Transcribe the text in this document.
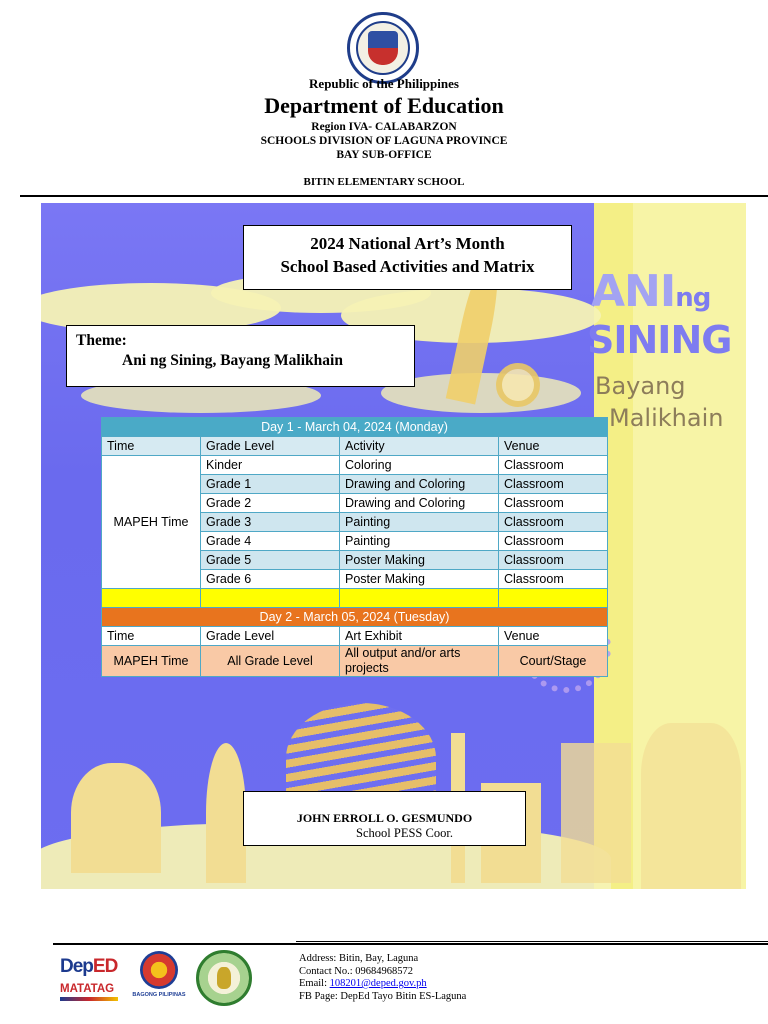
Republic of the Philippines
Department of Education
Region IVA- CALABARZON
SCHOOLS DIVISION OF LAGUNA PROVINCE
BAY SUB-OFFICE
BITIN ELEMENTARY SCHOOL
ANIng
SINING
Bayang
Malikhain
2024 National Art’s Month
School Based Activities and Matrix
Theme:
Ani ng Sining, Bayang Malikhain
Day 1 - March 04, 2024 (Monday)			
Time	Grade Level	Activity	Venue
MAPEH Time	Kinder	Coloring	Classroom
	Grade 1	Drawing and Coloring	Classroom
	Grade 2	Drawing and Coloring	Classroom
	Grade 3	Painting	Classroom
	Grade 4	Painting	Classroom
	Grade 5	Poster Making	Classroom
	Grade 6	Poster Making	Classroom

Day 2 - March 05, 2024 (Tuesday)			
Time	Grade Level	Art Exhibit	Venue
MAPEH Time	All Grade Level	All output and/or arts projects	Court/Stage
JOHN ERROLL O. GESMUNDO
School PESS Coor.
DepED
MATATAG	BAGONG PILIPINAS
Address: Bitin, Bay, Laguna
Contact No.: 09684968572
Email: 108201@deped.gov.ph
FB Page: DepEd Tayo Bitin ES-Laguna
